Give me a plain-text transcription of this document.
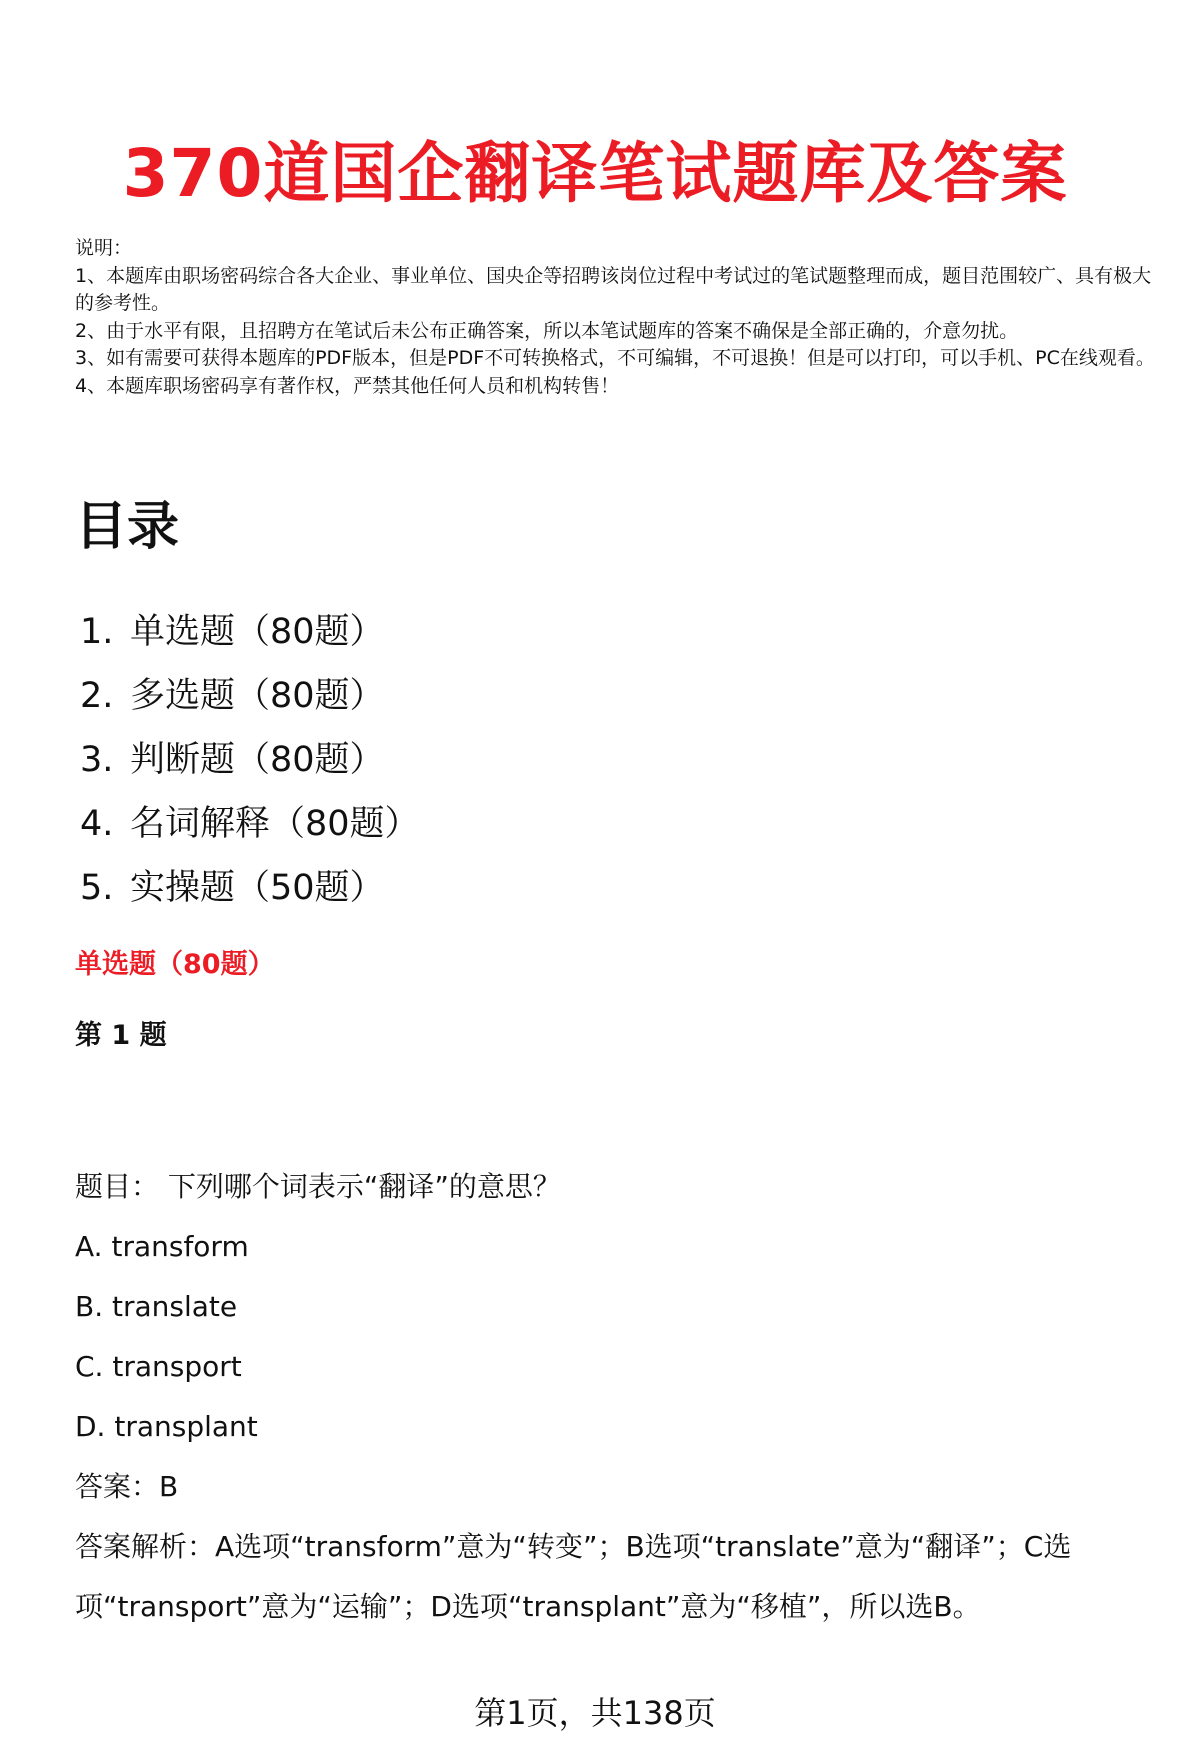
370道国企翻译笔试题库及答案

说明：

1、本题库由职场密码综合各大企业、事业单位、国央企等招聘该岗位过程中考试过的笔试题整理而成，题目范围较广、具有极大的参考性。

2、由于水平有限，且招聘方在笔试后未公布正确答案，所以本笔试题库的答案不确保是全部正确的，介意勿扰。

3、如有需要可获得本题库的PDF版本，但是PDF不可转换格式，不可编辑，不可退换！但是可以打印，可以手机、PC在线观看。

4、本题库职场密码享有著作权，严禁其他任何人员和机构转售！

目录
1. 单选题（80题）
2. 多选题（80题）
3. 判断题（80题）
4. 名词解释（80题）
5. 实操题（50题）
单选题（80题）
第 1 题

题目： 下列哪个词表示“翻译”的意思？

A. transform

B. translate

C. transport

D. transplant

答案：B

答案解析：A选项“transform”意为“转变”；B选项“translate”意为“翻译”；C选项“transport”意为“运输”；D选项“transplant”意为“移植”，所以选B。

第1页，共138页
